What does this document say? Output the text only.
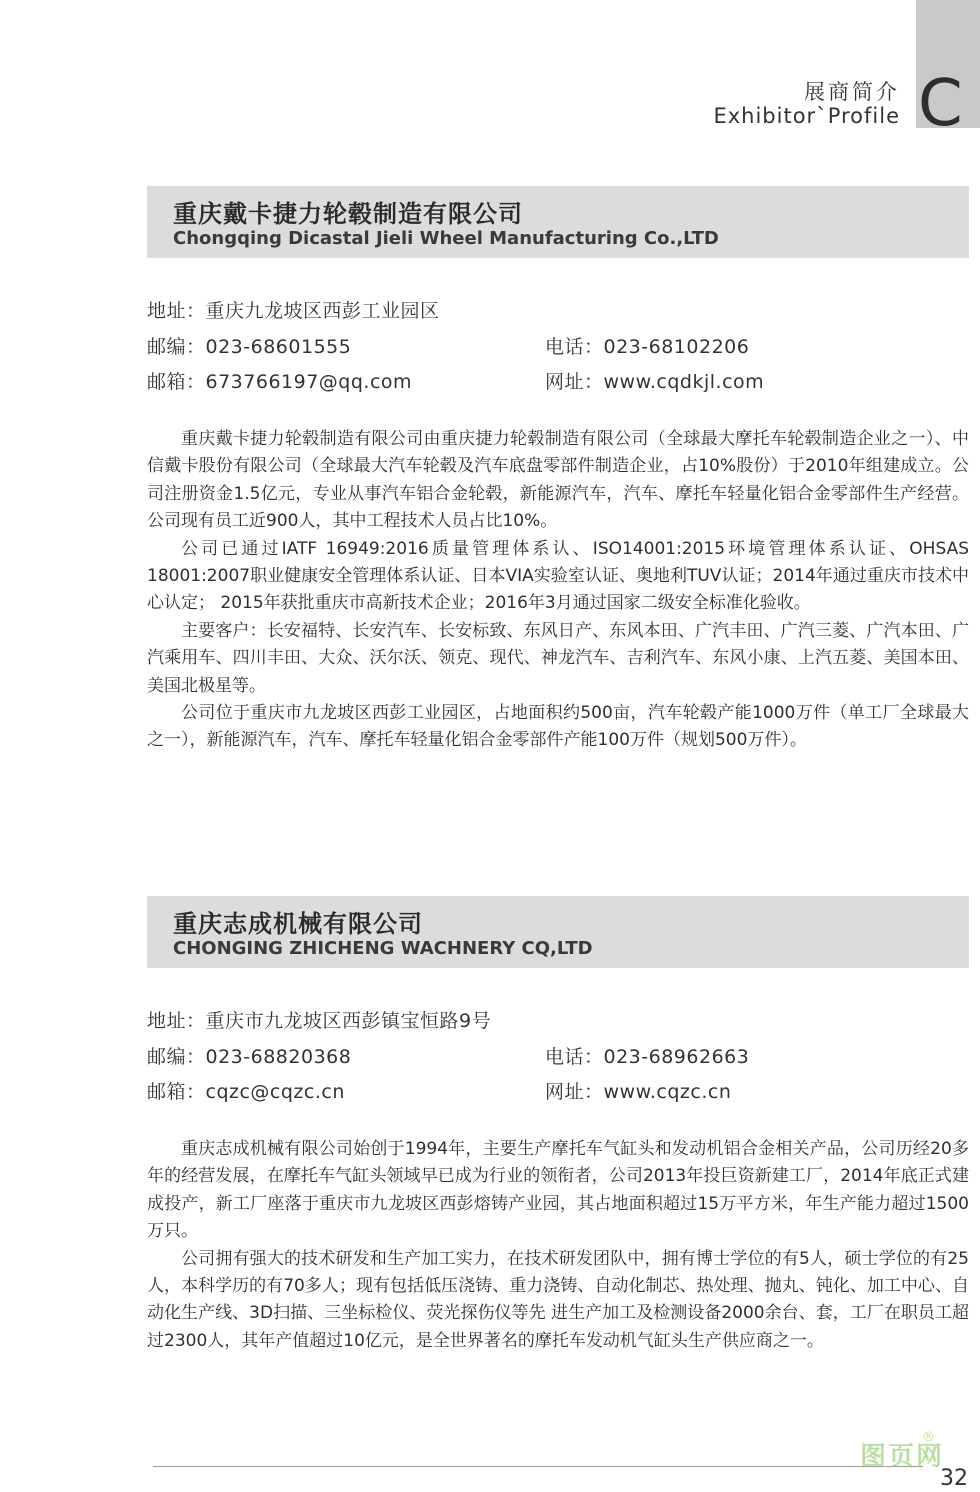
展商简介
Exhibitor`Profile C
重庆戴卡捷力轮毂制造有限公司
Chongqing Dicastal Jieli Wheel Manufacturing Co.,LTD
地址：重庆九龙坡区西彭工业园区
邮编：023-68601555	电话：023-68102206
邮箱：673766197@qq.com	网址：www.cqdkjl.com

重庆戴卡捷力轮毂制造有限公司由重庆捷力轮毂制造有限公司（全球最大摩托车轮毂制造企业之一）、中信戴卡股份有限公司（全球最大汽车轮毂及汽车底盘零部件制造企业，占10%股份）于2010年组建成立。公司注册资金1.5亿元，专业从事汽车铝合金轮毂，新能源汽车，汽车、摩托车轻量化铝合金零部件生产经营。公司现有员工近900人，其中工程技术人员占比10%。

公司已通过IATF 16949:2016质量管理体系认、ISO14001:2015环境管理体系认证、OHSAS 18001:2007职业健康安全管理体系认证、日本VIA实验室认证、奥地利TUV认证；2014年通过重庆市技术中心认定； 2015年获批重庆市高新技术企业；2016年3月通过国家二级安全标准化验收。

主要客户：长安福特、长安汽车、长安标致、东风日产、东风本田、广汽丰田、广汽三菱、广汽本田、广汽乘用车、四川丰田、大众、沃尔沃、领克、现代、神龙汽车、吉利汽车、东风小康、上汽五菱、美国本田、美国北极星等。

公司位于重庆市九龙坡区西彭工业园区，占地面积约500亩，汽车轮毂产能1000万件（单工厂全球最大之一），新能源汽车，汽车、摩托车轻量化铝合金零部件产能100万件（规划500万件）。

重庆志成机械有限公司
CHONGING ZHICHENG WACHNERY CQ,LTD
地址：重庆市九龙坡区西彭镇宝恒路9号
邮编：023-68820368	电话：023-68962663
邮箱：cqzc@cqzc.cn	网址：www.cqzc.cn

重庆志成机械有限公司始创于1994年，主要生产摩托车气缸头和发动机铝合金相关产品，公司历经20多年的经营发展，在摩托车气缸头领域早已成为行业的领衔者，公司2013年投巨资新建工厂，2014年底正式建成投产，新工厂座落于重庆市九龙坡区西彭熔铸产业园，其占地面积超过15万平方米，年生产能力超过1500万只。

公司拥有强大的技术研发和生产加工实力，在技术研发团队中，拥有博士学位的有5人，硕士学位的有25人，本科学历的有70多人；现有包括低压浇铸、重力浇铸、自动化制芯、热处理、抛丸、钝化、加工中心、自动化生产线、3D扫描、三坐标检仪、荧光探伤仪等先 进生产加工及检测设备2000余台、套，工厂在职员工超过2300人，其年产值超过10亿元，是全世界著名的摩托车发动机气缸头生产供应商之一。

图页网
®
32
